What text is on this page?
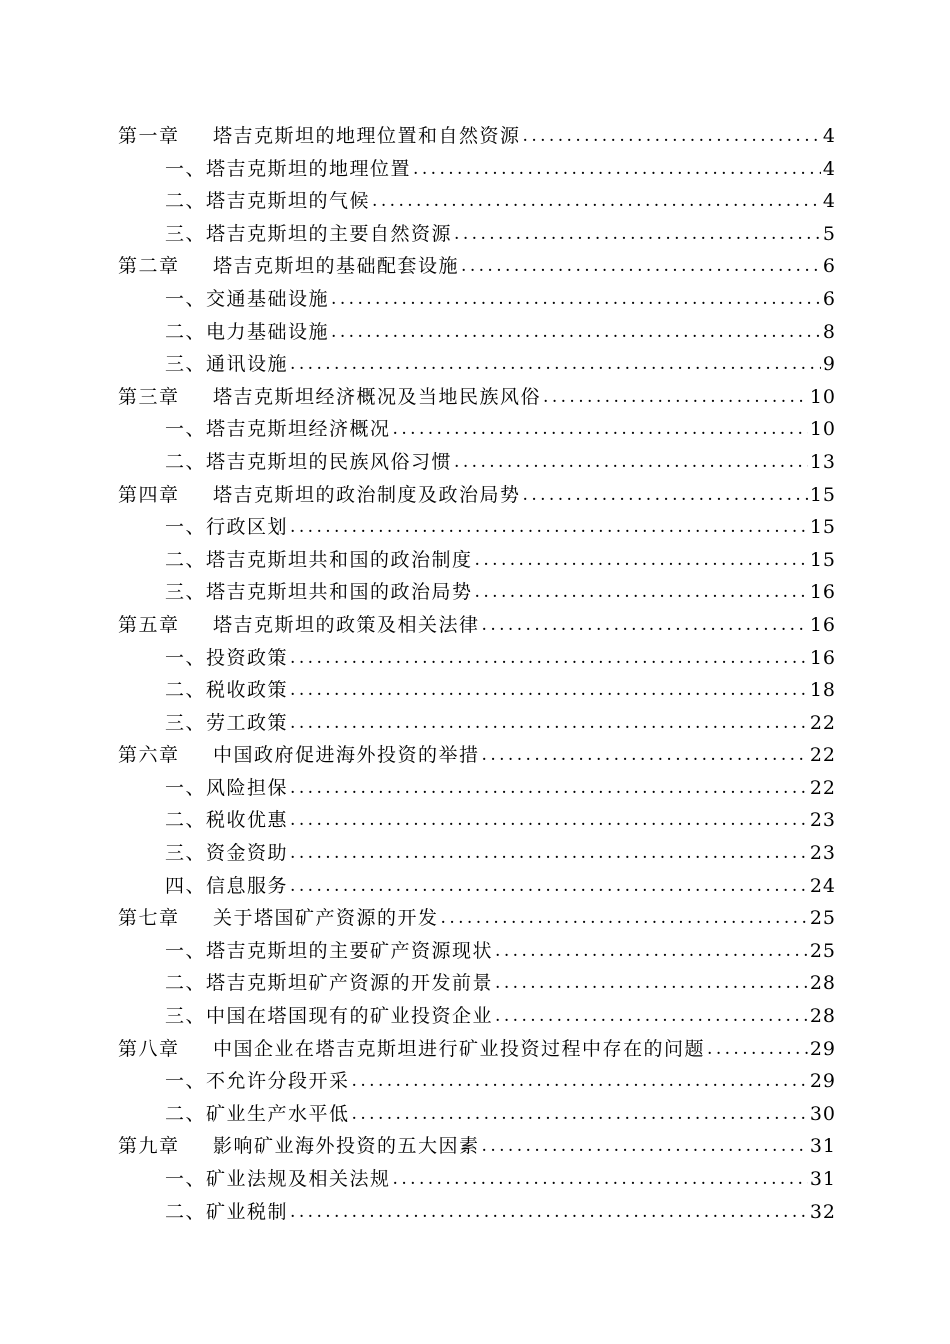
第一章 塔吉克斯坦的地理位置和自然资源 .....	4
一、塔吉克斯坦的地理位置 .....	4
二、塔吉克斯坦的气候 .....	4
三、塔吉克斯坦的主要自然资源 .....	5
第二章 塔吉克斯坦的基础配套设施 .....	6
一、交通基础设施 .....	6
二、电力基础设施 .....	8
三、通讯设施 .....	9
第三章 塔吉克斯坦经济概况及当地民族风俗 .....	10
一、塔吉克斯坦经济概况 .....	10
二、塔吉克斯坦的民族风俗习惯 .....	13
第四章 塔吉克斯坦的政治制度及政治局势 .....	15
一、行政区划 .....	15
二、塔吉克斯坦共和国的政治制度 .....	15
三、塔吉克斯坦共和国的政治局势 .....	16
第五章 塔吉克斯坦的政策及相关法律 .....	16
一、投资政策 .....	16
二、税收政策 .....	18
三、劳工政策 .....	22
第六章 中国政府促进海外投资的举措 .....	22
一、风险担保 .....	22
二、税收优惠 .....	23
三、资金资助 .....	23
四、信息服务 .....	24
第七章 关于塔国矿产资源的开发 .....	25
一、塔吉克斯坦的主要矿产资源现状 .....	25
二、塔吉克斯坦矿产资源的开发前景 .....	28
三、中国在塔国现有的矿业投资企业 .....	28
第八章 中国企业在塔吉克斯坦进行矿业投资过程中存在的问题 .....	29
一、不允许分段开采 .....	29
二、矿业生产水平低 .....	30
第九章 影响矿业海外投资的五大因素 .....	31
一、矿业法规及相关法规 .....	31
二、矿业税制 .....	32
